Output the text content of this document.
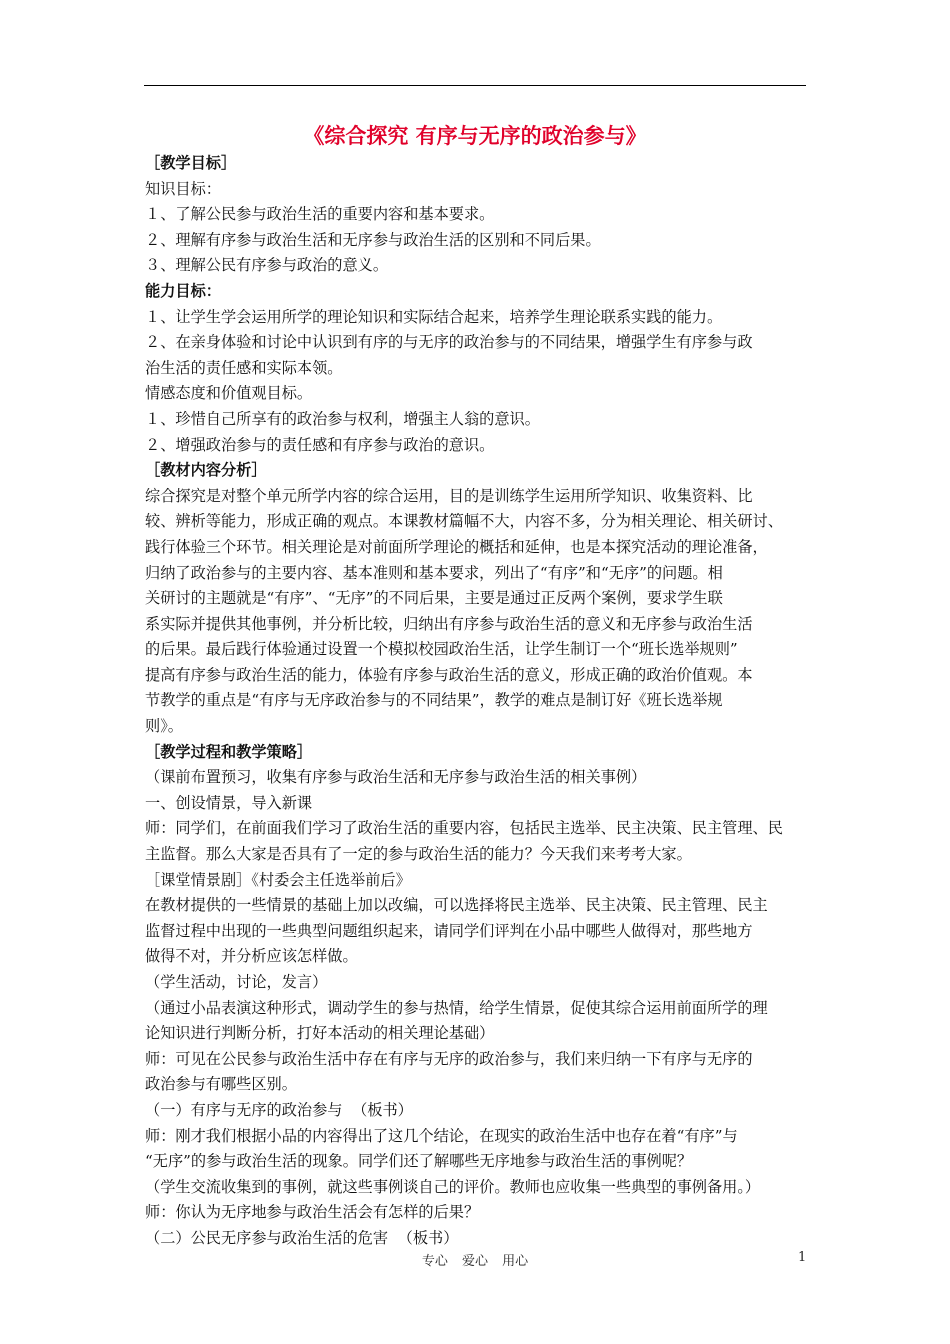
《综合探究 有序与无序的政治参与》
［教学目标］
知识目标：
１、了解公民参与政治生活的重要内容和基本要求。
２、理解有序参与政治生活和无序参与政治生活的区别和不同后果。
３、理解公民有序参与政治的意义。
能力目标：
１、让学生学会运用所学的理论知识和实际结合起来，培养学生理论联系实践的能力。
２、在亲身体验和讨论中认识到有序的与无序的政治参与的不同结果，增强学生有序参与政
治生活的责任感和实际本领。
情感态度和价值观目标。
１、珍惜自己所享有的政治参与权利，增强主人翁的意识。
２、增强政治参与的责任感和有序参与政治的意识。
［教材内容分析］
综合探究是对整个单元所学内容的综合运用，目的是训练学生运用所学知识、收集资料、比
较、辨析等能力，形成正确的观点。本课教材篇幅不大，内容不多，分为相关理论、相关研讨、
践行体验三个环节。相关理论是对前面所学理论的概括和延伸，也是本探究活动的理论准备，
归纳了政治参与的主要内容、基本准则和基本要求，列出了“有序”和“无序”的问题。相
关研讨的主题就是“有序”、“无序”的不同后果，主要是通过正反两个案例，要求学生联
系实际并提供其他事例，并分析比较，归纳出有序参与政治生活的意义和无序参与政治生活
的后果。最后践行体验通过设置一个模拟校园政治生活，让学生制订一个“班长选举规则”
提高有序参与政治生活的能力，体验有序参与政治生活的意义，形成正确的政治价值观。本
节教学的重点是“有序与无序政治参与的不同结果”，教学的难点是制订好《班长选举规
则》。
［教学过程和教学策略］
（课前布置预习，收集有序参与政治生活和无序参与政治生活的相关事例）
一、创设情景，导入新课
师：同学们，在前面我们学习了政治生活的重要内容，包括民主选举、民主决策、民主管理、民
主监督。那么大家是否具有了一定的参与政治生活的能力？今天我们来考考大家。
［课堂情景剧］《村委会主任选举前后》
在教材提供的一些情景的基础上加以改编，可以选择将民主选举、民主决策、民主管理、民主
监督过程中出现的一些典型问题组织起来，请同学们评判在小品中哪些人做得对，那些地方
做得不对，并分析应该怎样做。
（学生活动，讨论，发言）
（通过小品表演这种形式，调动学生的参与热情，给学生情景，促使其综合运用前面所学的理
论知识进行判断分析，打好本活动的相关理论基础）
师：可见在公民参与政治生活中存在有序与无序的政治参与，我们来归纳一下有序与无序的
政治参与有哪些区别。
（一）有序与无序的政治参与  （板书）
师：刚才我们根据小品的内容得出了这几个结论，在现实的政治生活中也存在着“有序”与
“无序”的参与政治生活的现象。同学们还了解哪些无序地参与政治生活的事例呢？
（学生交流收集到的事例，就这些事例谈自己的评价。教师也应收集一些典型的事例备用。）
师：你认为无序地参与政治生活会有怎样的后果？
（二）公民无序参与政治生活的危害  （板书）
专心 爱心 用心	1
